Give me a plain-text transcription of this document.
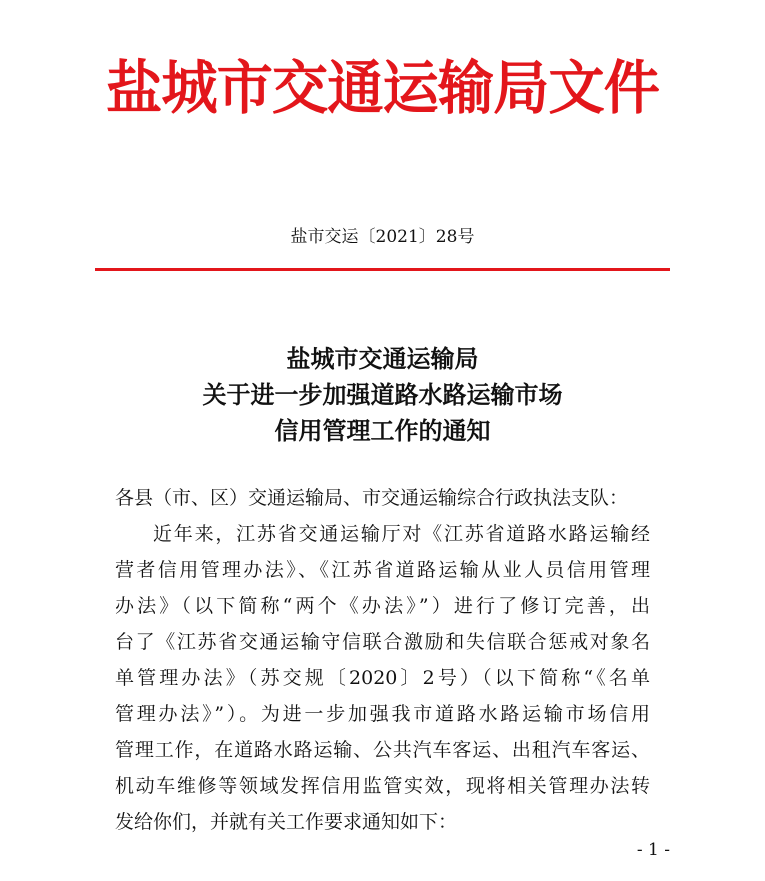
盐城市交通运输局文件
盐市交运〔2021〕28号
盐城市交通运输局
关于进一步加强道路水路运输市场
信用管理工作的通知
各县（市、区）交通运输局、市交通运输综合行政执法支队：
近年来，江苏省交通运输厅对《江苏省道路水路运输经
营者信用管理办法》、《江苏省道路运输从业人员信用管理
办法》（以下简称“两个《办法》”）进行了修订完善，出
台了《江苏省交通运输守信联合激励和失信联合惩戒对象名
单管理办法》（苏交规〔2020〕2号）（以下简称“《名单
管理办法》”）。为进一步加强我市道路水路运输市场信用
管理工作，在道路水路运输、公共汽车客运、出租汽车客运、
机动车维修等领域发挥信用监管实效，现将相关管理办法转
发给你们，并就有关工作要求通知如下：
- 1 -
